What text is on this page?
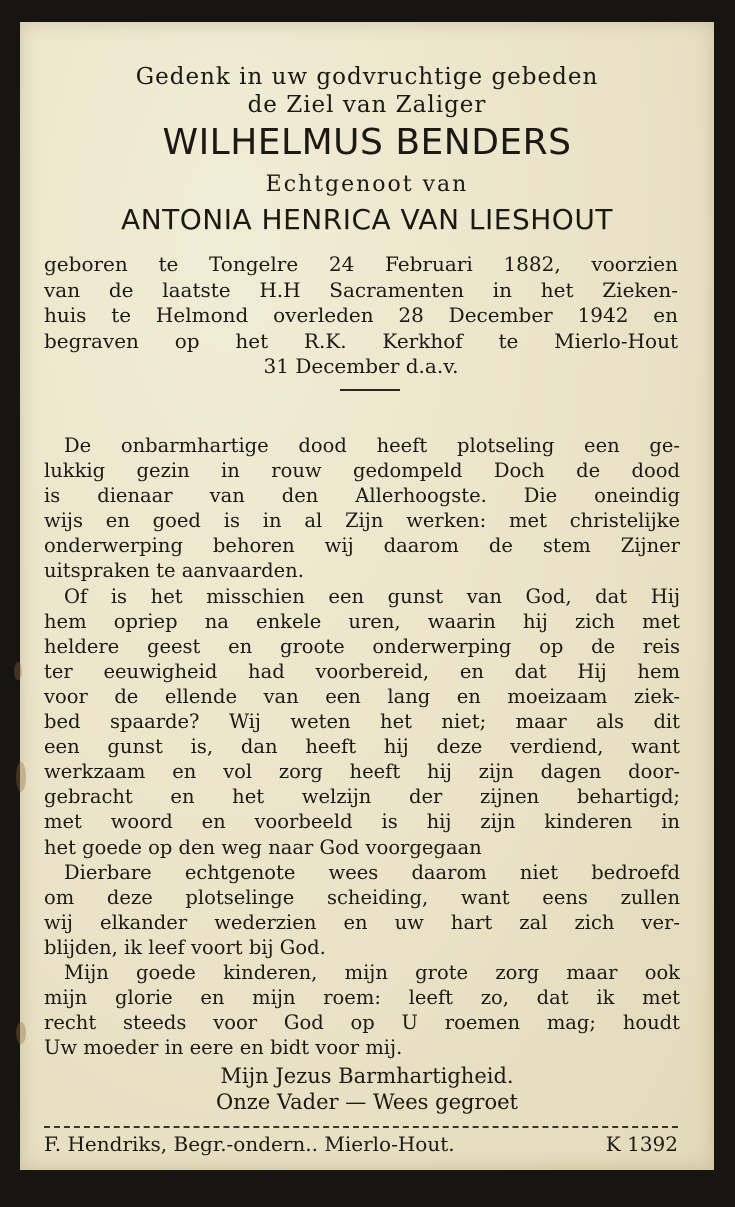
Gedenk in uw godvruchtige gebeden
de Ziel van Zaliger
WILHELMUS BENDERS
Echtgenoot van
ANTONIA HENRICA VAN LIESHOUT
geboren te Tongelre 24 Februari 1882, voorzien
van de laatste H.H Sacramenten in het Zieken-
huis te Helmond overleden 28 December 1942 en
begraven op het R.K. Kerkhof te Mierlo-Hout
31 December d.a.v.
De onbarmhartige dood heeft plotseling een ge-
lukkig gezin in rouw gedompeld Doch de dood
is dienaar van den Allerhoogste. Die oneindig
wijs en goed is in al Zijn werken: met christelijke
onderwerping behoren wij daarom de stem Zijner
uitspraken te aanvaarden.
Of is het misschien een gunst van God, dat Hij
hem opriep na enkele uren, waarin hij zich met
heldere geest en groote onderwerping op de reis
ter eeuwigheid had voorbereid, en dat Hij hem
voor de ellende van een lang en moeizaam ziek-
bed spaarde? Wij weten het niet; maar als dit
een gunst is, dan heeft hij deze verdiend, want
werkzaam en vol zorg heeft hij zijn dagen door-
gebracht en het welzijn der zijnen behartigd;
met woord en voorbeeld is hij zijn kinderen in
het goede op den weg naar God voorgegaan
Dierbare echtgenote wees daarom niet bedroefd
om deze plotselinge scheiding, want eens zullen
wij elkander wederzien en uw hart zal zich ver-
blijden, ik leef voort bij God.
Mijn goede kinderen, mijn grote zorg maar ook
mijn glorie en mijn roem: leeft zo, dat ik met
recht steeds voor God op U roemen mag; houdt
Uw moeder in eere en bidt voor mij.
Mijn Jezus Barmhartigheid.
Onze Vader — Wees gegroet
F. Hendriks, Begr.-ondern.. Mierlo-Hout.	K 1392
